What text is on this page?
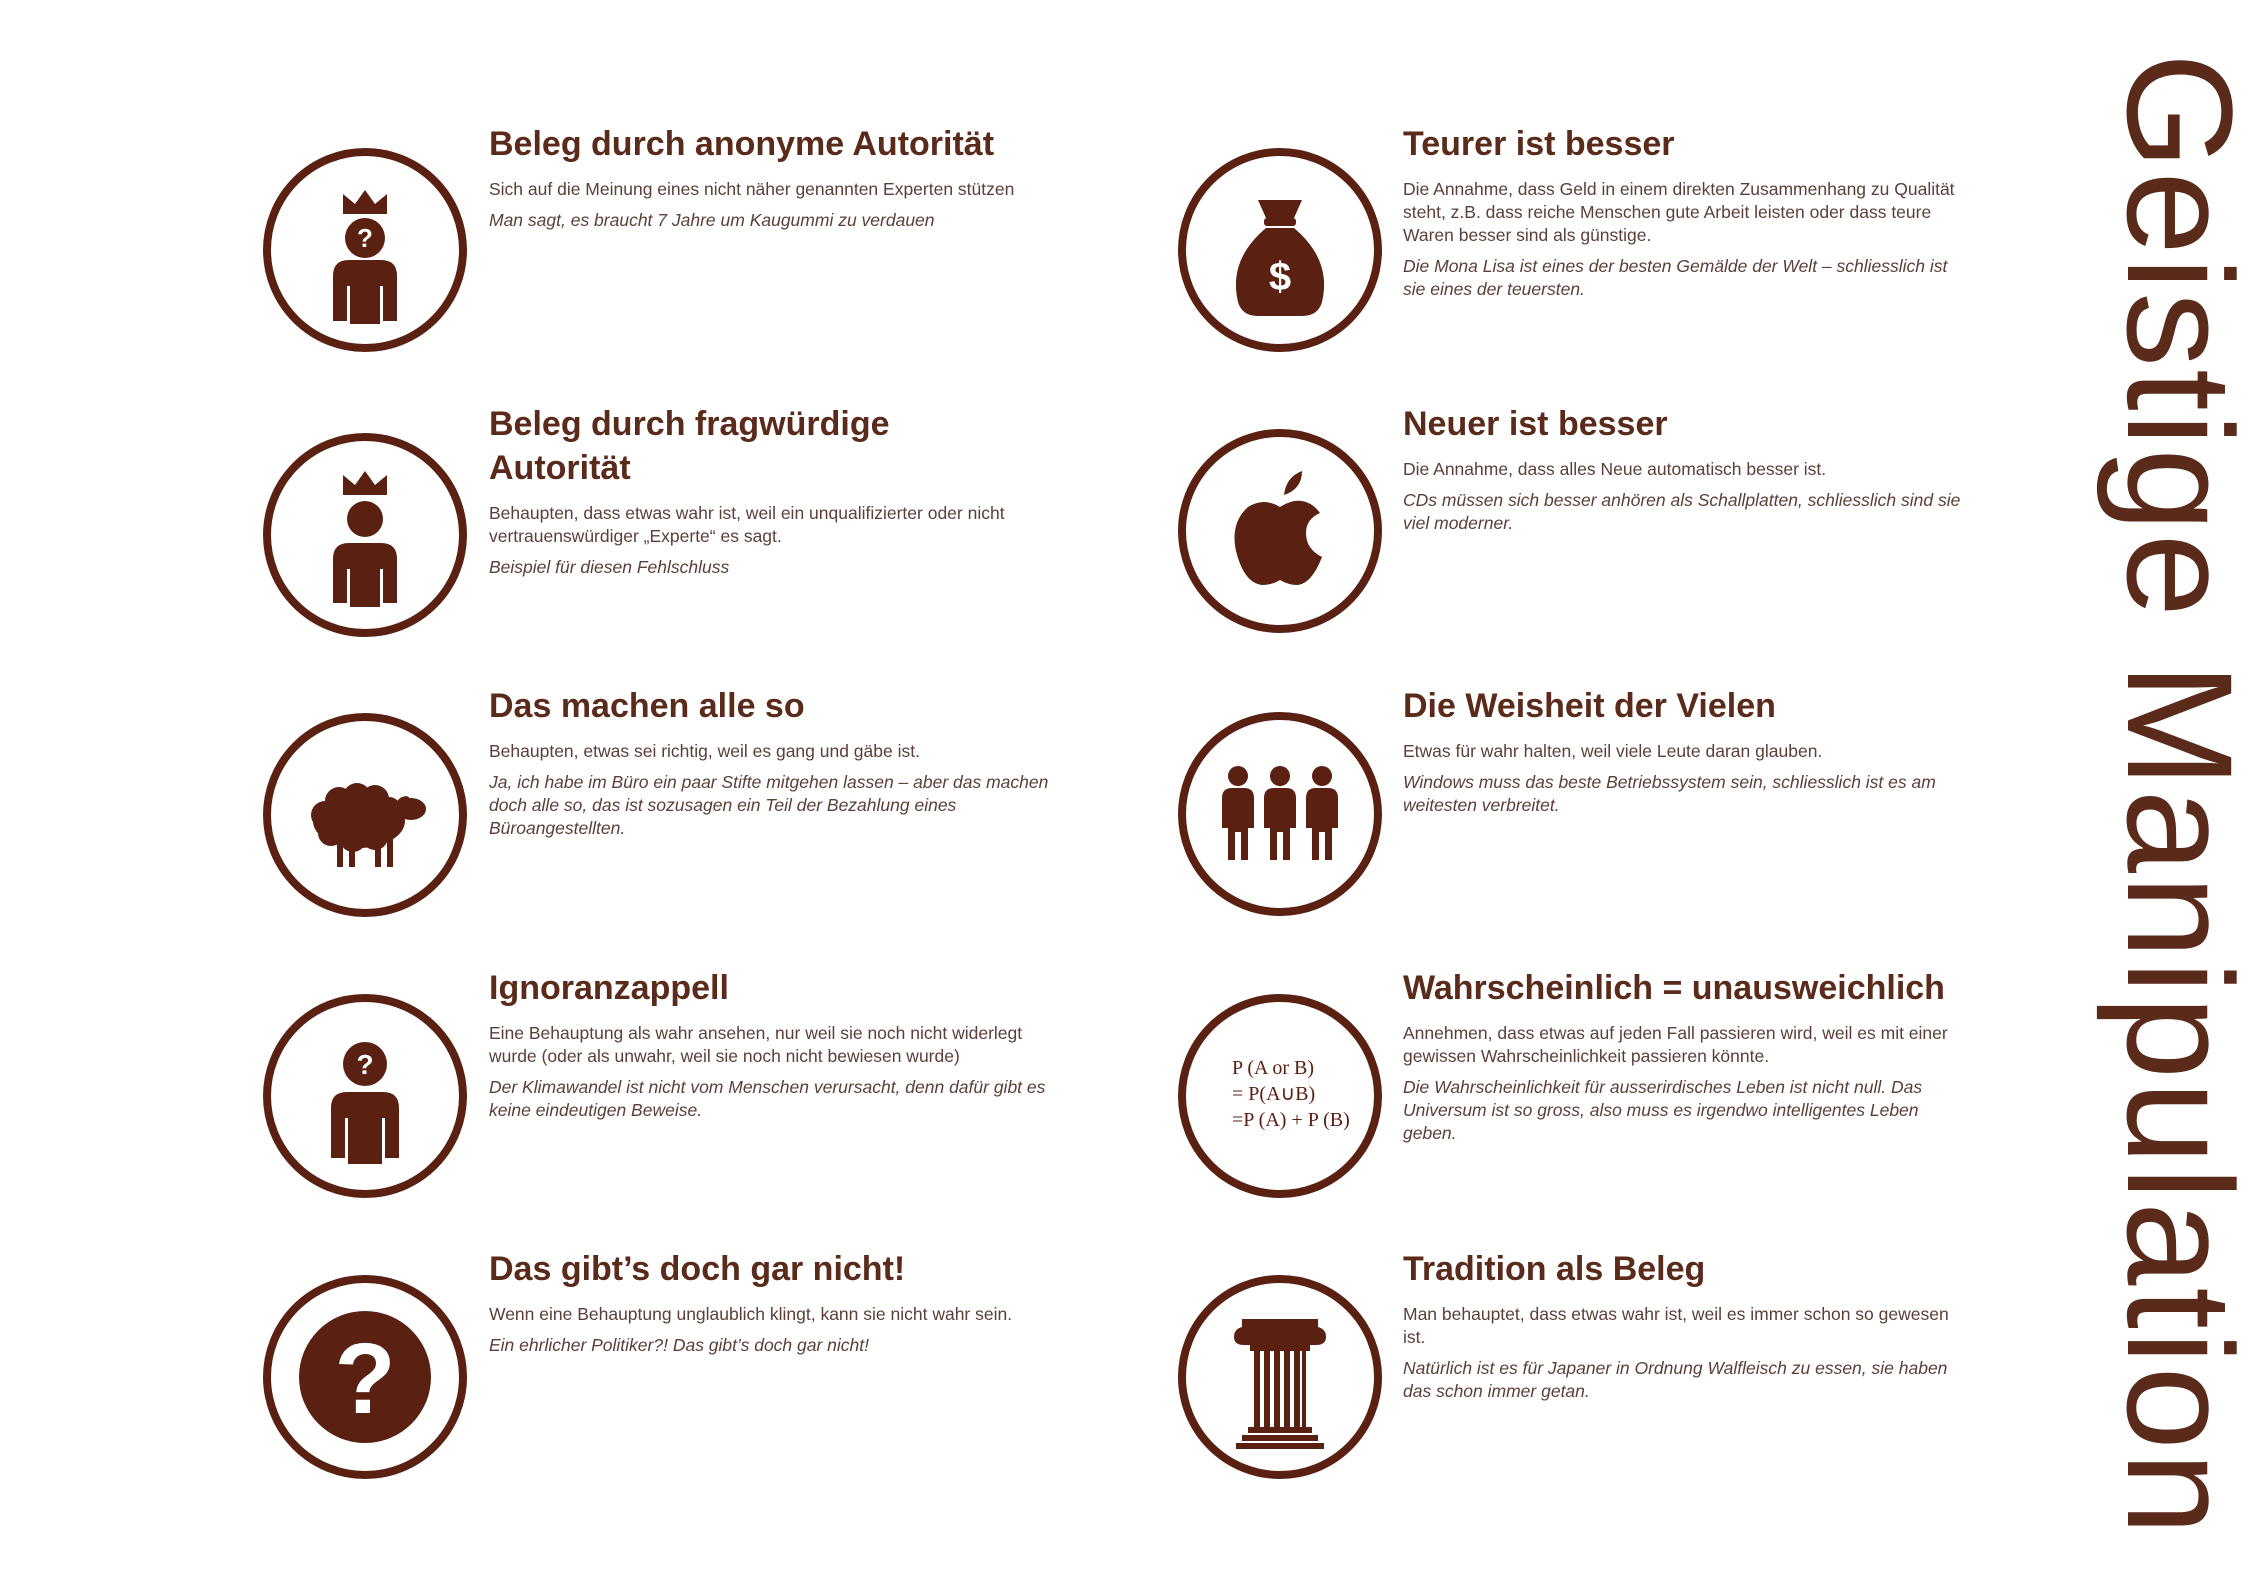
Geistige Manipulation
?
Beleg durch anonyme Autorität
Sich auf die Meinung eines nicht näher genannten Experten stützen
Man sagt, es braucht 7 Jahre um Kaugummi zu verdauen
Beleg durch fragwürdige Autorität
Behaupten, dass etwas wahr ist, weil ein unqualifizierter oder nicht vertrauenswürdiger „Experte“ es sagt.
Beispiel für diesen Fehlschluss
Das machen alle so
Behaupten, etwas sei richtig, weil es gang und gäbe ist.
Ja, ich habe im Büro ein paar Stifte mitgehen lassen – aber das machen doch alle so, das ist sozusagen ein Teil der Bezahlung eines Büroangestellten.
?
Ignoranzappell
Eine Behauptung als wahr ansehen, nur weil sie noch nicht widerlegt wurde (oder als unwahr, weil sie noch nicht bewiesen wurde)
Der Klimawandel ist nicht vom Menschen verursacht, denn dafür gibt es keine eindeutigen Beweise.
?
Das gibt’s doch gar nicht!
Wenn eine Behauptung unglaublich klingt, kann sie nicht wahr sein.
Ein ehrlicher Politiker?! Das gibt’s doch gar nicht!
$
Teurer ist besser
Die Annahme, dass Geld in einem direkten Zusammenhang zu Qualität steht, z.B. dass reiche Menschen gute Arbeit leisten oder dass teure Waren besser sind als günstige.
Die Mona Lisa ist eines der besten Gemälde der Welt – schliesslich ist sie eines der teuersten.
Neuer ist besser
Die Annahme, dass alles Neue automatisch besser ist.
CDs müssen sich besser anhören als Schallplatten, schliesslich sind sie viel moderner.
Die Weisheit der Vielen
Etwas für wahr halten, weil viele Leute daran glauben.
Windows muss das beste Betriebssystem sein, schliesslich ist es am weitesten verbreitet.
P (A or B)
= P(A∪B)
=P (A) + P (B)
Wahrscheinlich = unausweichlich
Annehmen, dass etwas auf jeden Fall passieren wird, weil es mit einer gewissen Wahrscheinlichkeit passieren könnte.
Die Wahrscheinlichkeit für ausserirdisches Leben ist nicht null. Das Universum ist so gross, also muss es irgendwo intelligentes Leben geben.
Tradition als Beleg
Man behauptet, dass etwas wahr ist, weil es immer schon so gewesen ist.
Natürlich ist es für Japaner in Ordnung Walfleisch zu essen, sie haben das schon immer getan.
